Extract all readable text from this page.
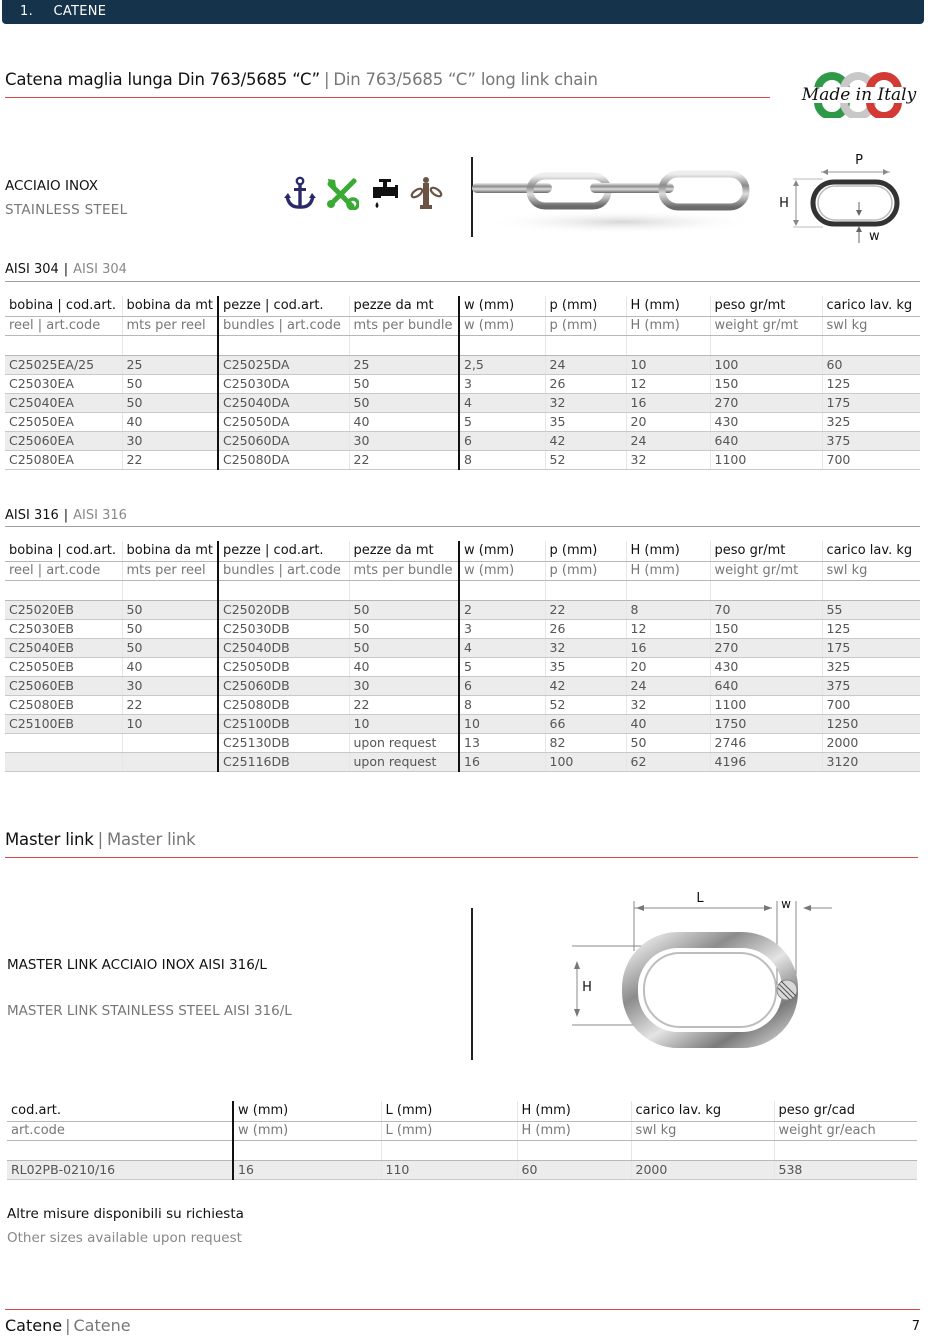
1. CATENE
Catena maglia lunga Din 763/5685 “C” | Din 763/5685 “C” long link chain
Made in Italy
ACCIAIO INOX
STAINLESS STEEL
P
H
w
AISI 304 | AISI 304
bobina | cod.art.	bobina da mt	pezze | cod.art.	pezze da mt	w (mm)	p (mm)	H (mm)	peso gr/mt	carico lav. kg
reel | art.code	mts per reel	bundles | art.code	mts per bundle	w (mm)	p (mm)	H (mm)	weight gr/mt	swl kg

C25025EA/25	25	C25025DA	25	2,5	24	10	100	60
C25030EA	50	C25030DA	50	3	26	12	150	125
C25040EA	50	C25040DA	50	4	32	16	270	175
C25050EA	40	C25050DA	40	5	35	20	430	325
C25060EA	30	C25060DA	30	6	42	24	640	375
C25080EA	22	C25080DA	22	8	52	32	1100	700
AISI 316 | AISI 316
bobina | cod.art.	bobina da mt	pezze | cod.art.	pezze da mt	w (mm)	p (mm)	H (mm)	peso gr/mt	carico lav. kg
reel | art.code	mts per reel	bundles | art.code	mts per bundle	w (mm)	p (mm)	H (mm)	weight gr/mt	swl kg

C25020EB	50	C25020DB	50	2	22	8	70	55
C25030EB	50	C25030DB	50	3	26	12	150	125
C25040EB	50	C25040DB	50	4	32	16	270	175
C25050EB	40	C25050DB	40	5	35	20	430	325
C25060EB	30	C25060DB	30	6	42	24	640	375
C25080EB	22	C25080DB	22	8	52	32	1100	700
C25100EB	10	C25100DB	10	10	66	40	1750	1250
		C25130DB	upon request	13	82	50	2746	2000
		C25116DB	upon request	16	100	62	4196	3120
Master link | Master link
MASTER LINK ACCIAIO INOX AISI 316/L
MASTER LINK STAINLESS STEEL AISI 316/L
L	w
H
cod.art.	w (mm)	L (mm)	H (mm)	carico lav. kg	peso gr/cad
art.code	w (mm)	L (mm)	H (mm)	swl kg	weight gr/each

RL02PB-0210/16	16	110	60	2000	538
Altre misure disponibili su richiesta
Other sizes available upon request
Catene | Catene	7
